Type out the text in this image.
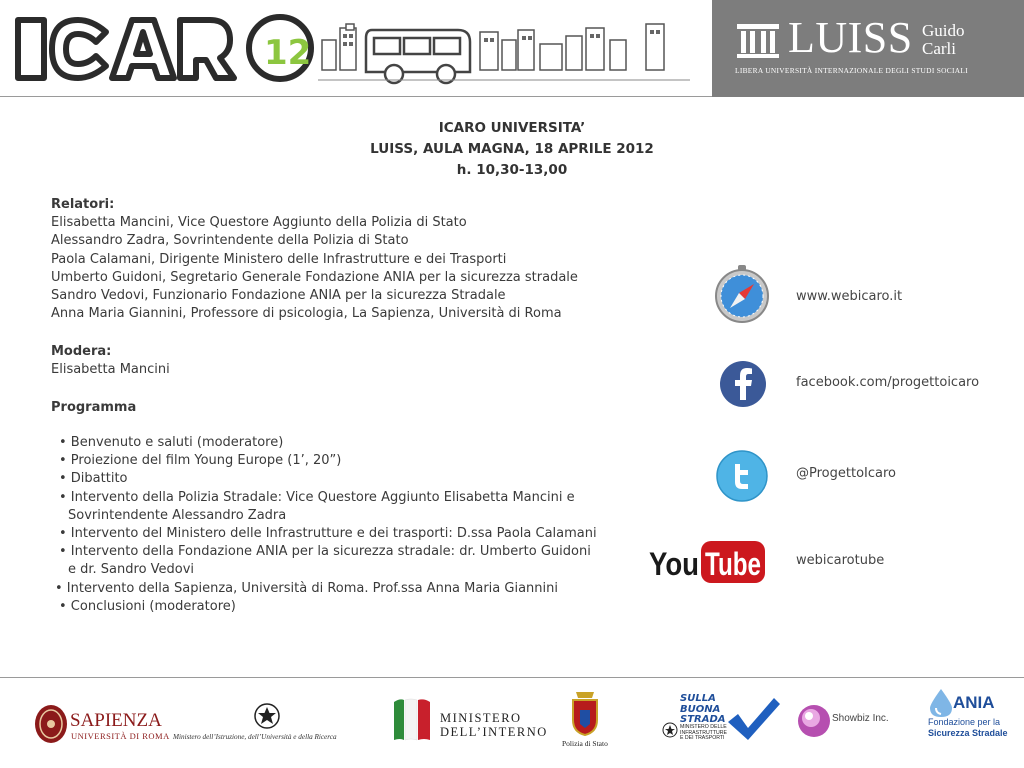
12	LUISS Guido
Carli
LIBERA UNIVERSITÀ INTERNAZIONALE DEGLI STUDI SOCIALI
ICARO UNIVERSITA’
LUISS, AULA MAGNA, 18 APRILE 2012
h. 10,30-13,00
Relatori:
Elisabetta Mancini, Vice Questore Aggiunto della Polizia di Stato
Alessandro Zadra, Sovrintendente della Polizia di Stato
Paola Calamani, Dirigente Ministero delle Infrastrutture e dei Trasporti
Umberto Guidoni, Segretario Generale Fondazione ANIA per la sicurezza stradale
Sandro Vedovi, Funzionario Fondazione ANIA per la sicurezza Stradale
Anna Maria Giannini, Professore di psicologia, La Sapienza, Università di Roma
Modera:
Elisabetta Mancini
Programma
• Benvenuto e saluti (moderatore)
• Proiezione del film Young Europe (1’, 20”)
• Dibattito
• Intervento della Polizia Stradale: Vice Questore Aggiunto Elisabetta Mancini e Sovrintendente Alessandro Zadra
• Intervento del Ministero delle Infrastrutture e dei trasporti: D.ssa Paola Calamani
• Intervento della Fondazione ANIA per la sicurezza stradale: dr. Umberto Guidoni e dr. Sandro Vedovi
• Intervento della Sapienza, Università di Roma. Prof.ssa Anna Maria Giannini
• Conclusioni (moderatore)
www.webicaro.it
facebook.com/progettoicaro
@ProgettoIcaro
You Tube	webicarotube
SAPIENZA
UNIVERSITÀ DI ROMA Ministero dell’Istruzione, dell’Università e della Ricerca
MINISTERO
DELL’INTERNO
Polizia di Stato
SULLA
BUONA
STRADA
MINISTERO DELLE
INFRASTRUTTURE
E DEI TRASPORTI
Showbiz Inc.
ANIA
Fondazione per la
Sicurezza Stradale
